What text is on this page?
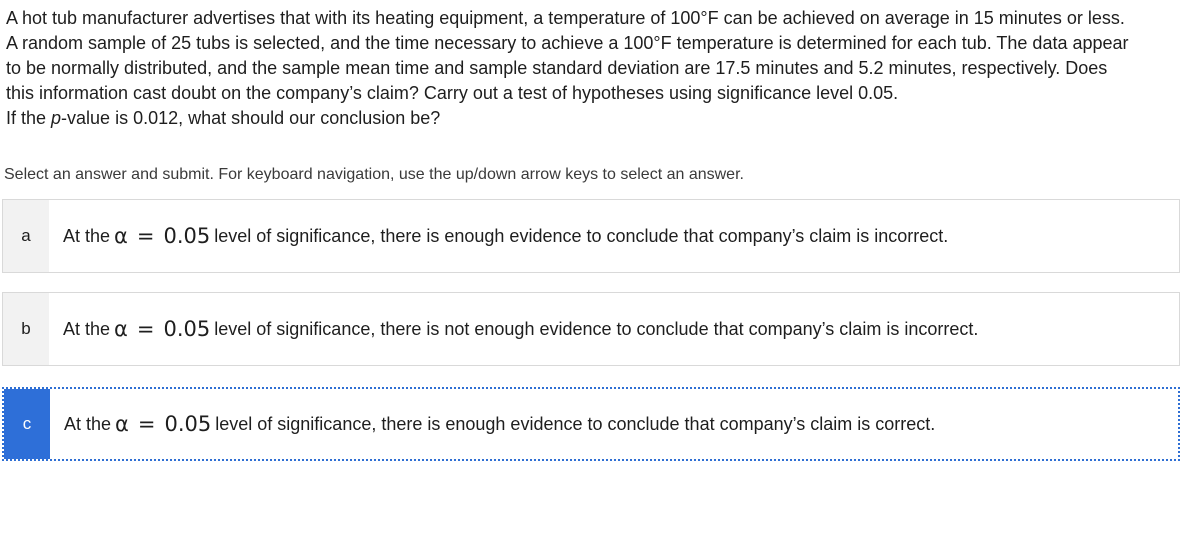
A hot tub manufacturer advertises that with its heating equipment, a temperature of 100°F can be achieved on average in 15 minutes or less.

A random sample of 25 tubs is selected, and the time necessary to achieve a 100°F temperature is determined for each tub. The data appear

to be normally distributed, and the sample mean time and sample standard deviation are 17.5 minutes and 5.2 minutes, respectively. Does

this information cast doubt on the company’s claim? Carry out a test of hypotheses using significance level 0.05.

If the p-value is 0.012, what should our conclusion be?

Select an answer and submit. For keyboard navigation, use the up/down arrow keys to select an answer.
a	At the α = 0.05 level of significance, there is enough evidence to conclude that company’s claim is incorrect.
b	At the α = 0.05 level of significance, there is not enough evidence to conclude that company’s claim is incorrect.
c	At the α = 0.05 level of significance, there is enough evidence to conclude that company’s claim is correct.
